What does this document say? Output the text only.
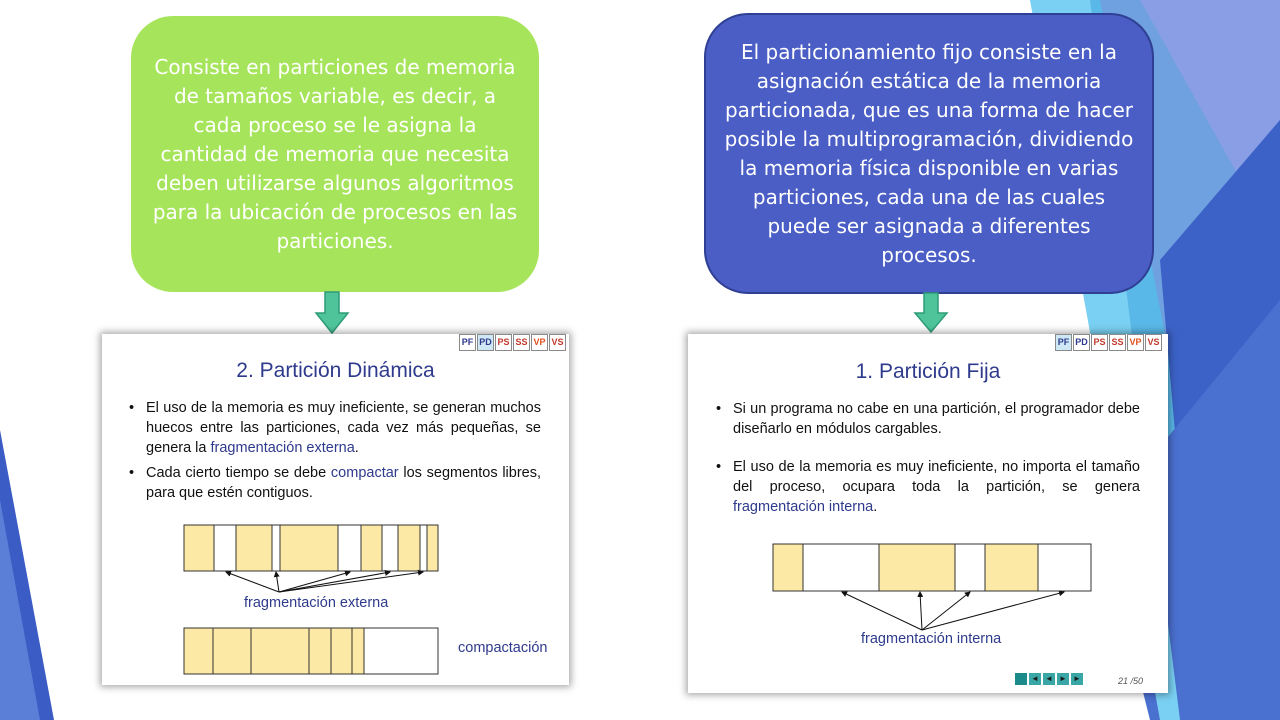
Consiste en particiones de memoria de tamaños variable, es decir, a cada proceso se le asigna la cantidad de memoria que necesita deben utilizarse algunos algoritmos para la ubicación de procesos en las particiones.
El particionamiento fijo consiste en la asignación estática de la memoria particionada, que es una forma de hacer posible la multiprogramación, dividiendo la memoria física disponible en varias particiones, cada una de las cuales puede ser asignada a diferentes procesos.
PF PD PS SS VP VS
2. Partición Dinámica
• El uso de la memoria es muy ineficiente, se generan muchos huecos entre las particiones, cada vez más pequeñas, se genera la fragmentación externa.
• Cada cierto tiempo se debe compactar los segmentos libres, para que estén contiguos.
fragmentación externa
compactación
PF PD PS SS VP VS
1. Partición Fija
• Si un programa no cabe en una partición, el programador debe diseñarlo en módulos cargables.
• El uso de la memoria es muy ineficiente, no importa el tamaño del proceso, ocupara toda la partición, se genera fragmentación interna.
fragmentación interna
◄ ◄ ► ►	21 /50
